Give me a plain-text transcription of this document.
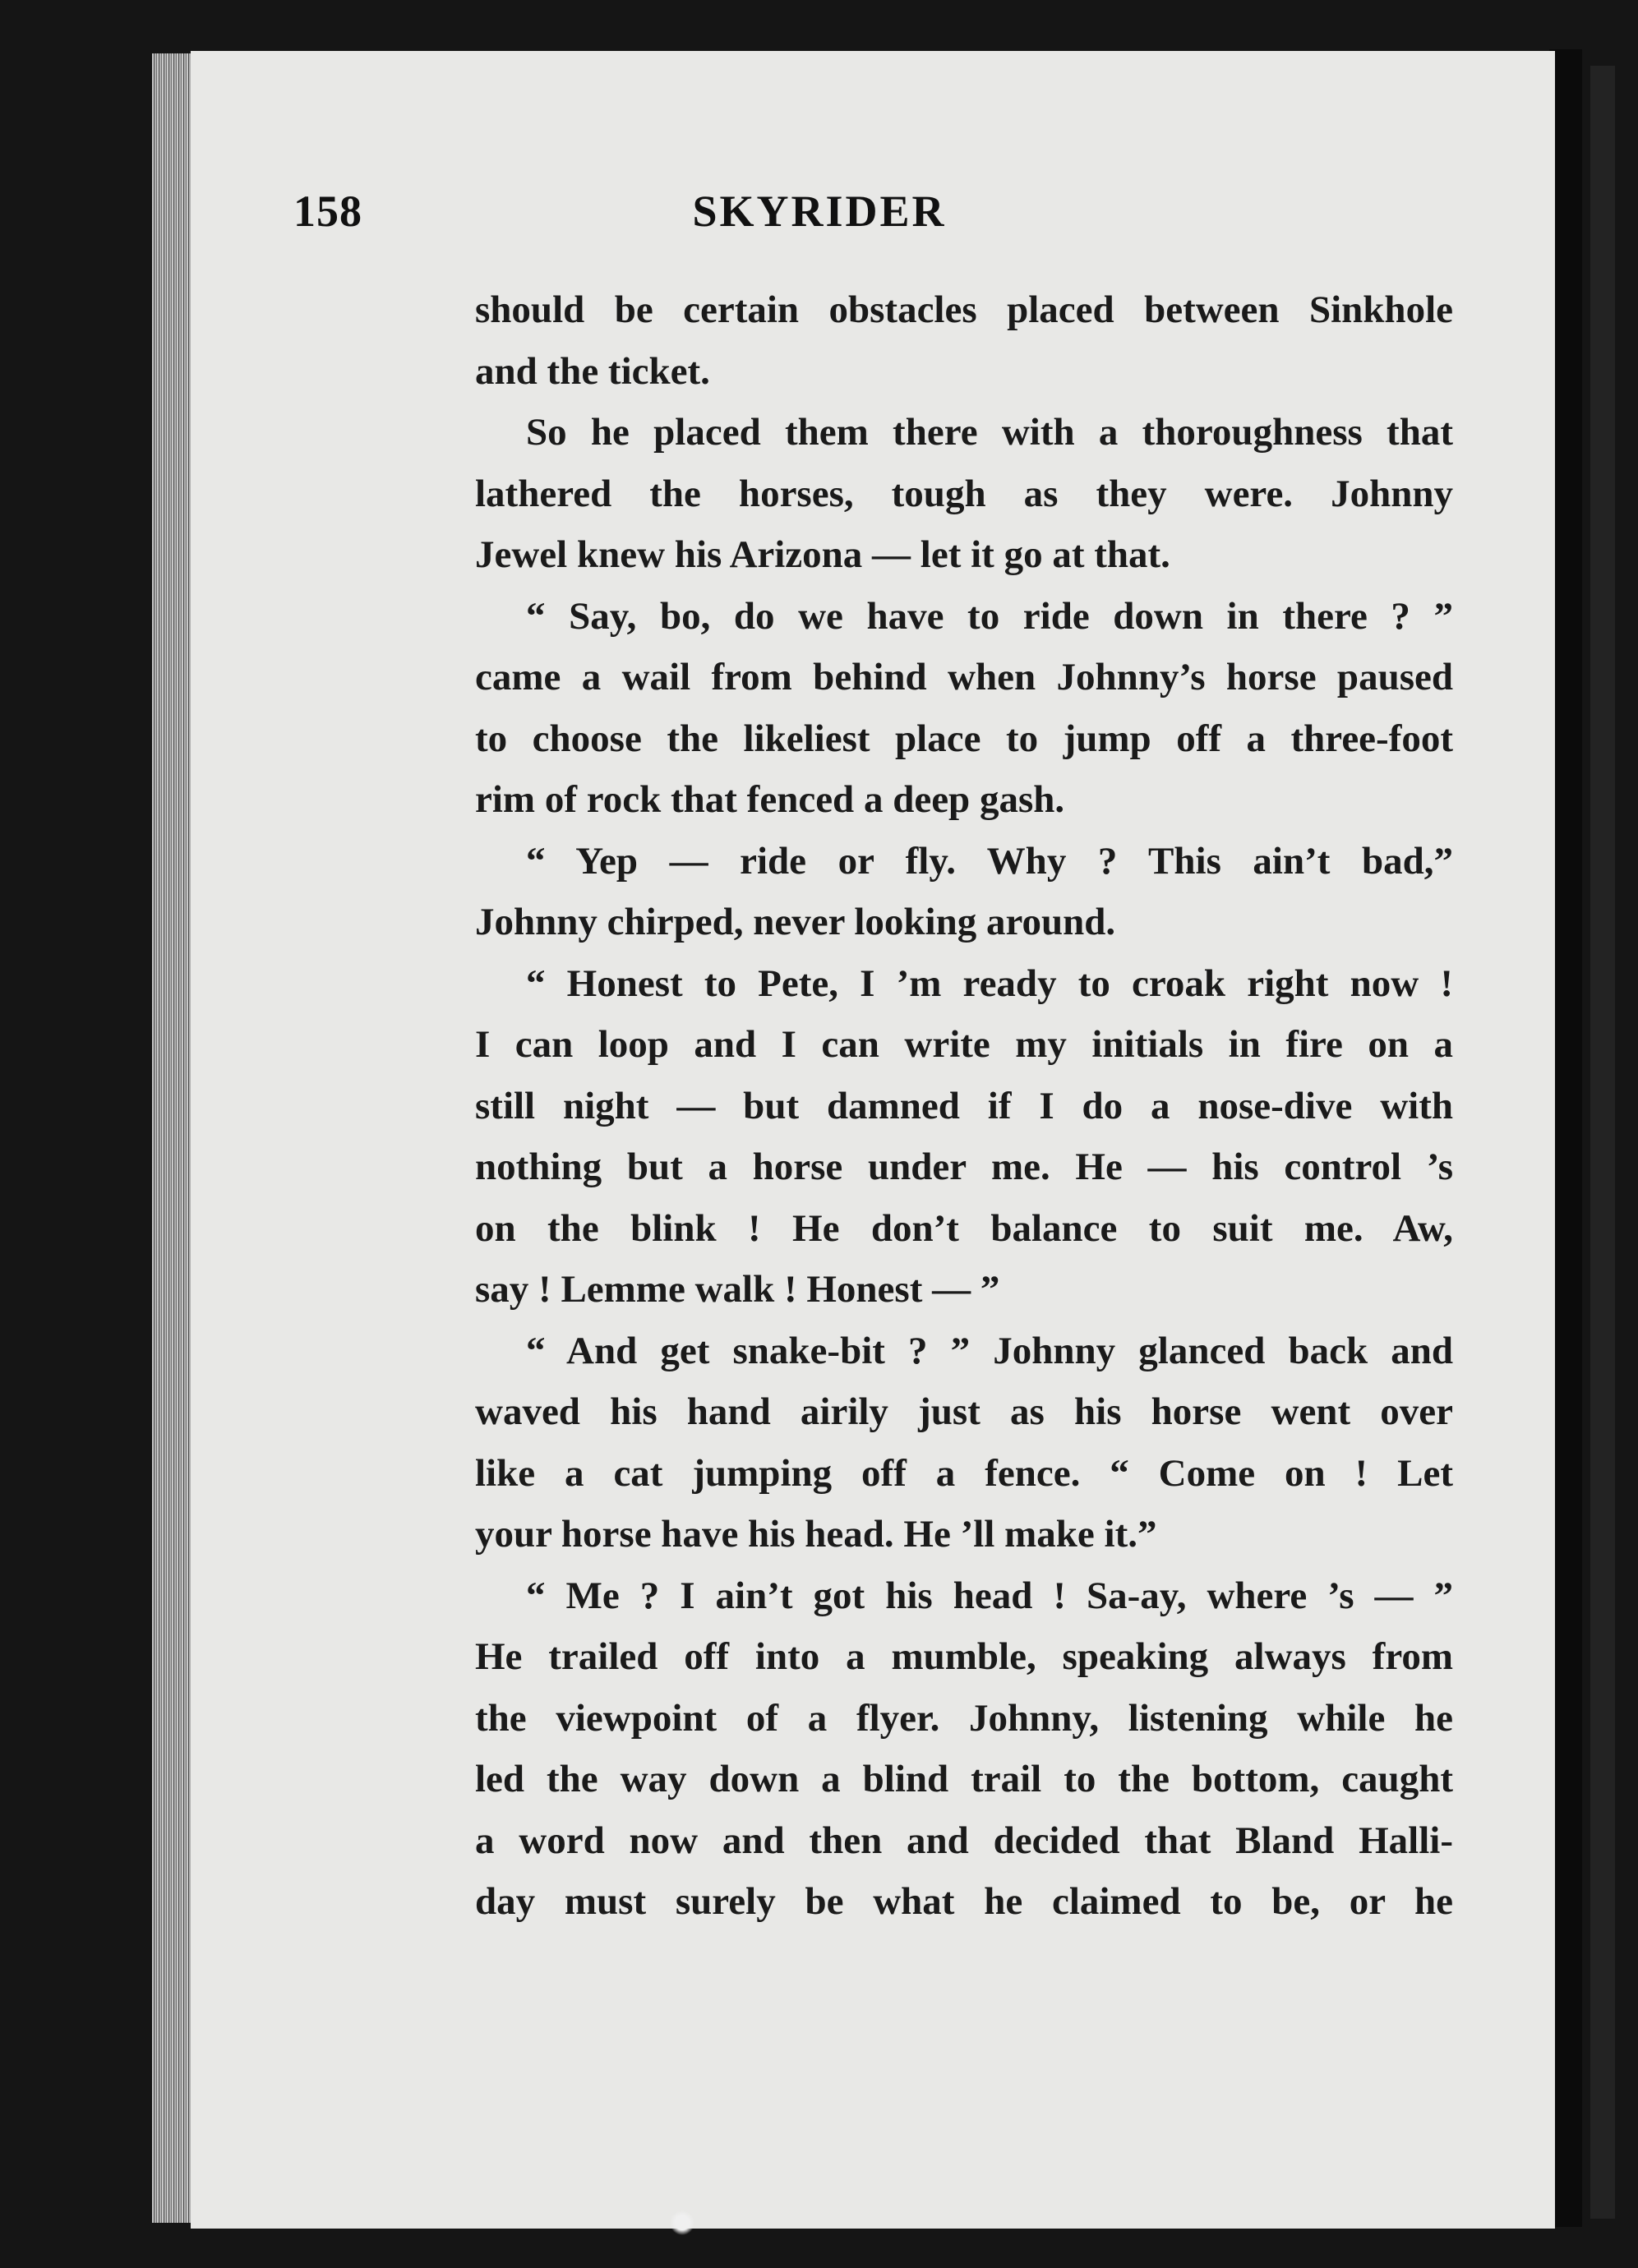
158	SKYRIDER
should be certain obstacles placed between Sinkhole
and the ticket.
So he placed them there with a thoroughness that
lathered the horses, tough as they were. Johnny
Jewel knew his Arizona — let it go at that.
“ Say, bo, do we have to ride down in there ? ”
came a wail from behind when Johnny’s horse paused
to choose the likeliest place to jump off a three-foot
rim of rock that fenced a deep gash.
“ Yep — ride or fly. Why ? This ain’t bad,”
Johnny chirped, never looking around.
“ Honest to Pete, I ’m ready to croak right now !
I can loop and I can write my initials in fire on a
still night — but damned if I do a nose-dive with
nothing but a horse under me. He — his control ’s
on the blink ! He don’t balance to suit me. Aw,
say ! Lemme walk ! Honest — ”
“ And get snake-bit ? ” Johnny glanced back and
waved his hand airily just as his horse went over
like a cat jumping off a fence. “ Come on ! Let
your horse have his head. He ’ll make it.”
“ Me ? I ain’t got his head ! Sa-ay, where ’s — ”
He trailed off into a mumble, speaking always from
the viewpoint of a flyer. Johnny, listening while he
led the way down a blind trail to the bottom, caught
a word now and then and decided that Bland Halli-
day must surely be what he claimed to be, or he
